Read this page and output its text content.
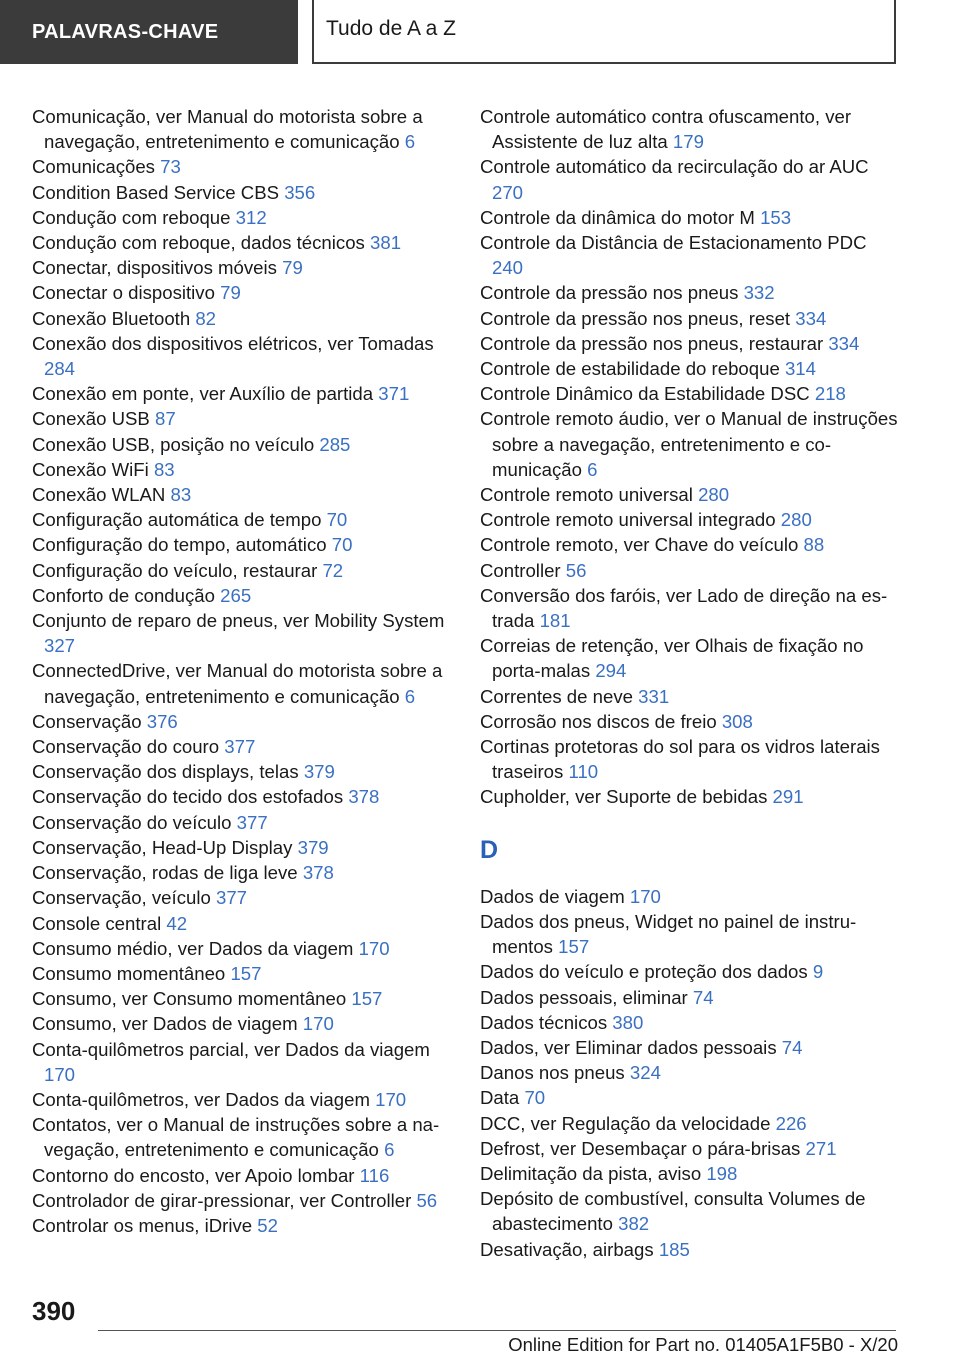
PALAVRAS-CHAVE	Tudo de A a Z
Comunicação, ver Manual do motorista sobre a navegação, entretenimento e comunicação 6
Comunicações 73
Condition Based Service CBS 356
Condução com reboque 312
Condução com reboque, dados técnicos 381
Conectar, dispositivos móveis 79
Conectar o dispositivo 79
Conexão Bluetooth 82
Conexão dos dispositivos elétricos, ver Tomadas 284
Conexão em ponte, ver Auxílio de partida 371
Conexão USB 87
Conexão USB, posição no veículo 285
Conexão WiFi 83
Conexão WLAN 83
Configuração automática de tempo 70
Configuração do tempo, automático 70
Configuração do veículo, restaurar 72
Conforto de condução 265
Conjunto de reparo de pneus, ver Mobility System 327
ConnectedDrive, ver Manual do motorista sobre a navegação, entretenimento e comunicação 6
Conservação 376
Conservação do couro 377
Conservação dos displays, telas 379
Conservação do tecido dos estofados 378
Conservação do veículo 377
Conservação, Head-Up Display 379
Conservação, rodas de liga leve 378
Conservação, veículo 377
Console central 42
Consumo médio, ver Dados da viagem 170
Consumo momentâneo 157
Consumo, ver Consumo momentâneo 157
Consumo, ver Dados de viagem 170
Conta-quilômetros parcial, ver Dados da viagem 170
Conta-quilômetros, ver Dados da viagem 170
Contatos, ver o Manual de instruções sobre a navegação, entretenimento e comunicação 6
Contorno do encosto, ver Apoio lombar 116
Controlador de girar-pressionar, ver Controller 56
Controlar os menus, iDrive 52
Controle automático contra ofuscamento, ver Assistente de luz alta 179
Controle automático da recirculação do ar AUC 270
Controle da dinâmica do motor M 153
Controle da Distância de Estacionamento PDC 240
Controle da pressão nos pneus 332
Controle da pressão nos pneus, reset 334
Controle da pressão nos pneus, restaurar 334
Controle de estabilidade do reboque 314
Controle Dinâmico da Estabilidade DSC 218
Controle remoto áudio, ver o Manual de instruções sobre a navegação, entretenimento e comunicação 6
Controle remoto universal 280
Controle remoto universal integrado 280
Controle remoto, ver Chave do veículo 88
Controller 56
Conversão dos faróis, ver Lado de direção na estrada 181
Correias de retenção, ver Olhais de fixação no porta-malas 294
Correntes de neve 331
Corrosão nos discos de freio 308
Cortinas protetoras do sol para os vidros laterais traseiros 110
Cupholder, ver Suporte de bebidas 291
D
Dados de viagem 170
Dados dos pneus, Widget no painel de instrumentos 157
Dados do veículo e proteção dos dados 9
Dados pessoais, eliminar 74
Dados técnicos 380
Dados, ver Eliminar dados pessoais 74
Danos nos pneus 324
Data 70
DCC, ver Regulação da velocidade 226
Defrost, ver Desembaçar o pára-brisas 271
Delimitação da pista, aviso 198
Depósito de combustível, consulta Volumes de abastecimento 382
Desativação, airbags 185
390
Online Edition for Part no. 01405A1F5B0 - X/20
